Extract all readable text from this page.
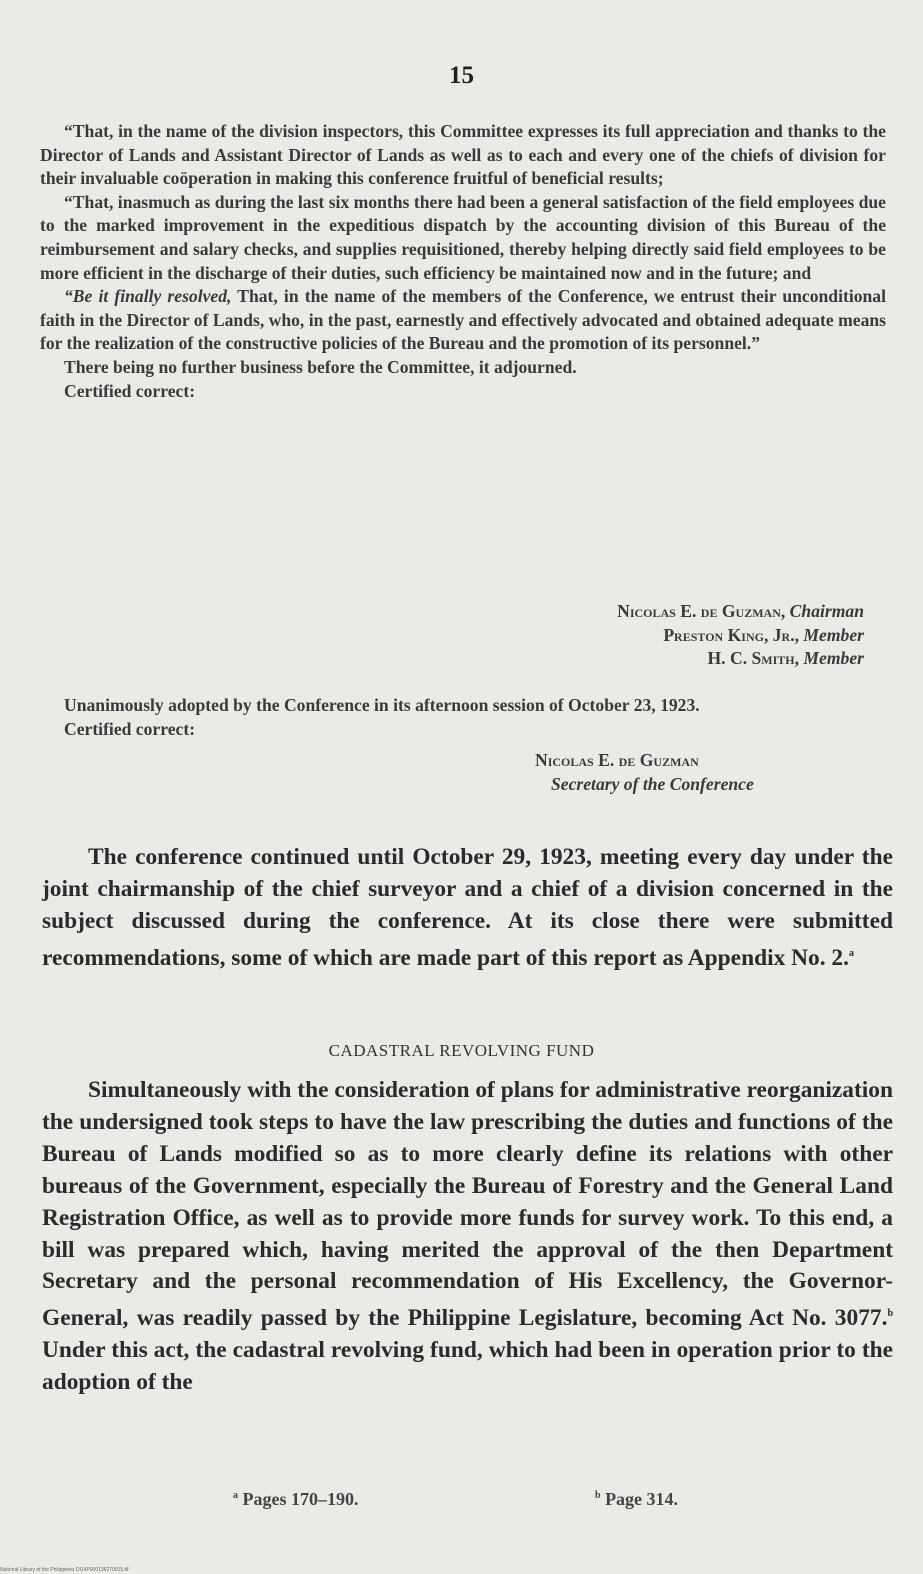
15

“That, in the name of the division inspectors, this Committee expresses its full appreciation and thanks to the Director of Lands and Assistant Director of Lands as well as to each and every one of the chiefs of division for their invaluable coöperation in making this conference fruitful of beneficial results;

“That, inasmuch as during the last six months there had been a general satisfaction of the field employees due to the marked improvement in the expeditious dispatch by the accounting division of this Bureau of the reimbursement and salary checks, and supplies requisitioned, thereby helping directly said field employees to be more efficient in the discharge of their duties, such efficiency be maintained now and in the future; and

“Be it finally resolved, That, in the name of the members of the Conference, we entrust their unconditional faith in the Director of Lands, who, in the past, earnestly and effectively advocated and obtained adequate means for the realization of the constructive policies of the Bureau and the promotion of its personnel.”

There being no further business before the Committee, it adjourned.

Certified correct:

Nicolas E. de Guzman, Chairman
Preston King, Jr., Member
H. C. Smith, Member

Unanimously adopted by the Conference in its afternoon session of October 23, 1923.

Certified correct:

Nicolas E. de Guzman
Secretary of the Conference

The conference continued until October 29, 1923, meeting every day under the joint chairmanship of the chief surveyor and a chief of a division concerned in the subject discussed during the conference. At its close there were submitted recommendations, some of which are made part of this report as Appendix No. 2.$^a$

CADASTRAL REVOLVING FUND

Simultaneously with the consideration of plans for administrative reorganization the undersigned took steps to have the law prescribing the duties and functions of the Bureau of Lands modified so as to more clearly define its relations with other bureaus of the Government, especially the Bureau of Forestry and the General Land Registration Office, as well as to provide more funds for survey work. To this end, a bill was prepared which, having merited the approval of the then Department Secretary and the personal recommendation of His Excellency, the Governor-General, was readily passed by the Philippine Legislature, becoming Act No. 3077.$^b$ Under this act, the cadastral revolving fund, which had been in operation prior to the adoption of the

$^a$ Pages 170–190.	$^b$ Page 314.
National Library of the Philippines DI14P000136270015.tif
